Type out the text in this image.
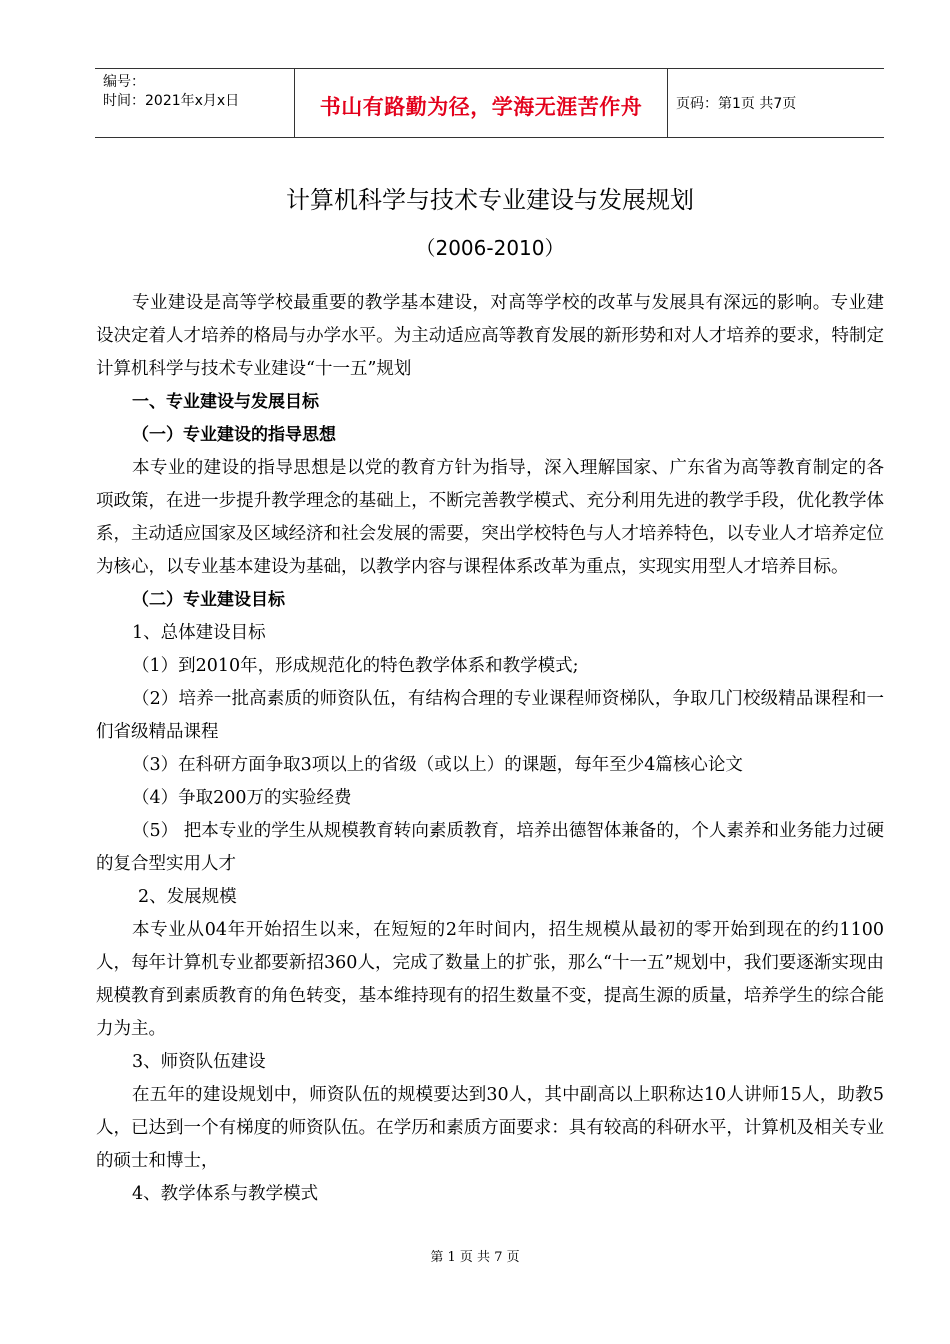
编号：
时间：2021年x月x日	书山有路勤为径，学海无涯苦作舟	页码：第1页 共7页
计算机科学与技术专业建设与发展规划
（2006-2010）

专业建设是高等学校最重要的教学基本建设，对高等学校的改革与发展具有深远的影响。专业建设决定着人才培养的格局与办学水平。为主动适应高等教育发展的新形势和对人才培养的要求，特制定计算机科学与技术专业建设“十一五”规划

一、专业建设与发展目标

（一）专业建设的指导思想

本专业的建设的指导思想是以党的教育方针为指导，深入理解国家、广东省为高等教育制定的各项政策，在进一步提升教学理念的基础上，不断完善教学模式、充分利用先进的教学手段，优化教学体系，主动适应国家及区域经济和社会发展的需要，突出学校特色与人才培养特色，以专业人才培养定位为核心，以专业基本建设为基础，以教学内容与课程体系改革为重点，实现实用型人才培养目标。

（二）专业建设目标

1、总体建设目标

（1）到2010年，形成规范化的特色教学体系和教学模式;

（2）培养一批高素质的师资队伍，有结构合理的专业课程师资梯队，争取几门校级精品课程和一们省级精品课程

（3）在科研方面争取3项以上的省级（或以上）的课题，每年至少4篇核心论文

（4）争取200万的实验经费

（5） 把本专业的学生从规模教育转向素质教育，培养出德智体兼备的，个人素养和业务能力过硬的复合型实用人才

2、发展规模

本专业从04年开始招生以来，在短短的2年时间内，招生规模从最初的零开始到现在的约1100人，每年计算机专业都要新招360人，完成了数量上的扩张，那么“十一五”规划中，我们要逐渐实现由规模教育到素质教育的角色转变，基本维持现有的招生数量不变，提高生源的质量，培养学生的综合能力为主。

3、师资队伍建设

在五年的建设规划中，师资队伍的规模要达到30人，其中副高以上职称达10人讲师15人，助教5人，已达到一个有梯度的师资队伍。在学历和素质方面要求：具有较高的科研水平，计算机及相关专业的硕士和博士，

4、教学体系与教学模式

第 1 页 共 7 页
